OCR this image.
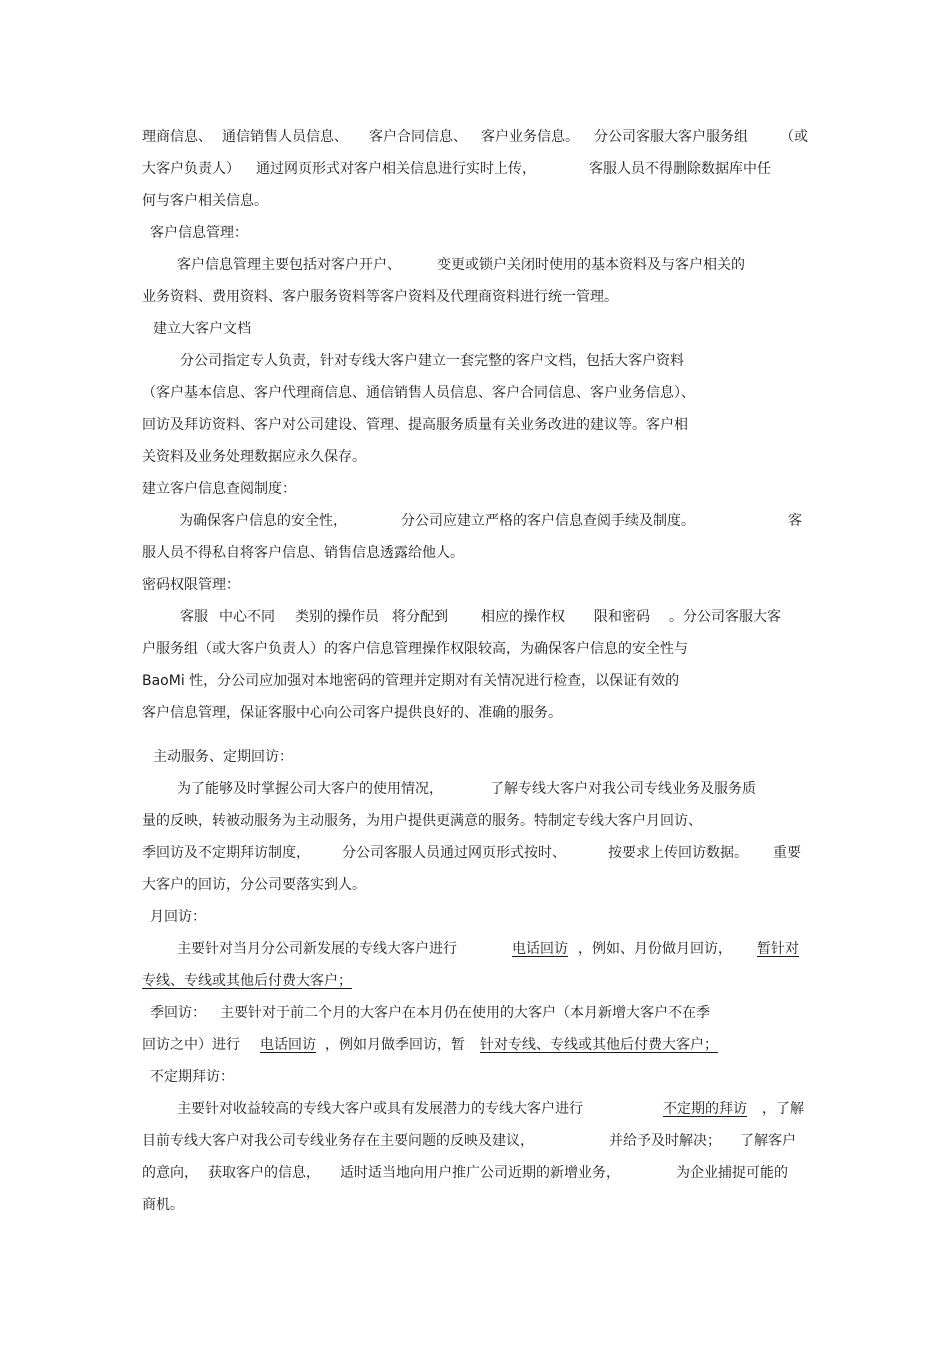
理商信息、 通信销售人员信息、 客户合同信息、 客户业务信息。 分公司客服大客户服务组 （或
大客户负责人） 通过网页形式对客户相关信息进行实时上传，	客服人员不得删除数据库中任
何与客户相关信息。
客户信息管理：
客户信息管理主要包括对客户开户、	变更或锁户关闭时使用的基本资料及与客户相关的
业务资料、费用资料、客户服务资料等客户资料及代理商资料进行统一管理。
建立大客户文档
分公司指定专人负责，针对专线大客户建立一套完整的客户文档，包括大客户资料
（客户基本信息、客户代理商信息、通信销售人员信息、客户合同信息、客户业务信息）、
回访及拜访资料、客户对公司建设、管理、提高服务质量有关业务改进的建议等。客户相
关资料及业务处理数据应永久保存。
建立客户信息查阅制度：
为确保客户信息的安全性，	分公司应建立严格的客户信息查阅手续及制度。	客
服人员不得私自将客户信息、销售信息透露给他人。
密码权限管理：
客服 中心不同 类别的操作员 将分配到 相应的操作权 限和密码 。分公司客服大客
户服务组（或大客户负责人）的客户信息管理操作权限较高，为确保客户信息的安全性与
BaoMi 性，分公司应加强对本地密码的管理并定期对有关情况进行检查，以保证有效的
客户信息管理，保证客服中心向公司客户提供良好的、准确的服务。
主动服务、定期回访：
为了能够及时掌握公司大客户的使用情况，	了解专线大客户对我公司专线业务及服务质
量的反映，转被动服务为主动服务，为用户提供更满意的服务。特制定专线大客户月回访、
季回访及不定期拜访制度， 分公司客服人员通过网页形式按时、	按要求上传回访数据。 重要
大客户的回访，分公司要落实到人。
月回访：
主要针对当月分公司新发展的专线大客户进行	电话回访 ，例如、月份做月回访， 暂针对
专线、专线或其他后付费大客户；
季回访： 主要针对于前二个月的大客户在本月仍在使用的大客户（本月新增大客户不在季
回访之中）进行 电话回访 ，例如月做季回访，暂 针对专线、专线或其他后付费大客户；
不定期拜访：
主要针对收益较高的专线大客户或具有发展潜力的专线大客户进行	不定期的拜访 ，了解
目前专线大客户对我公司专线业务存在主要问题的反映及建议，	并给予及时解决； 了解客户
的意向， 获取客户的信息， 适时适当地向用户推广公司近期的新增业务，	为企业捕捉可能的
商机。
